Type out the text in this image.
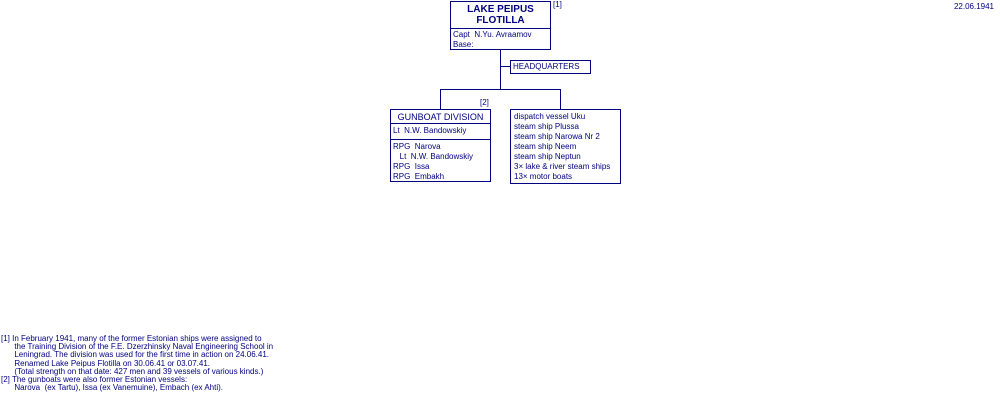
22.06.1941
LAKE PEIPUS
FLOTILLA
Capt  N.Yu. Avraamov
Base:
[1]
HEADQUARTERS
GUNBOAT DIVISION
Lt  N.W. Bandowskiy
RPG  Narova
Lt  N.W. Bandowskiy
RPG  Issa
RPG  Embakh
[2]
dispatch vessel Uku
steam ship Plussa
steam ship Narowa Nr 2
steam ship Neem
steam ship Neptun
3× lake & river steam ships
13× motor boats
[1] In February 1941, many of the former Estonian ships were assigned to
the Training Division of the F.E. Dzerzhinsky Naval Engineering School in
Leningrad. The division was used for the first time in action on 24.06.41.
Renamed Lake Peipus Flotilla on 30.06.41 or 03.07.41.
(Total strength on that date: 427 men and 39 vessels of various kinds.)
[2] The gunboats were also former Estonian vessels:
Narova  (ex Tartu), Issa (ex Vanemuine), Embach (ex Ahti).
